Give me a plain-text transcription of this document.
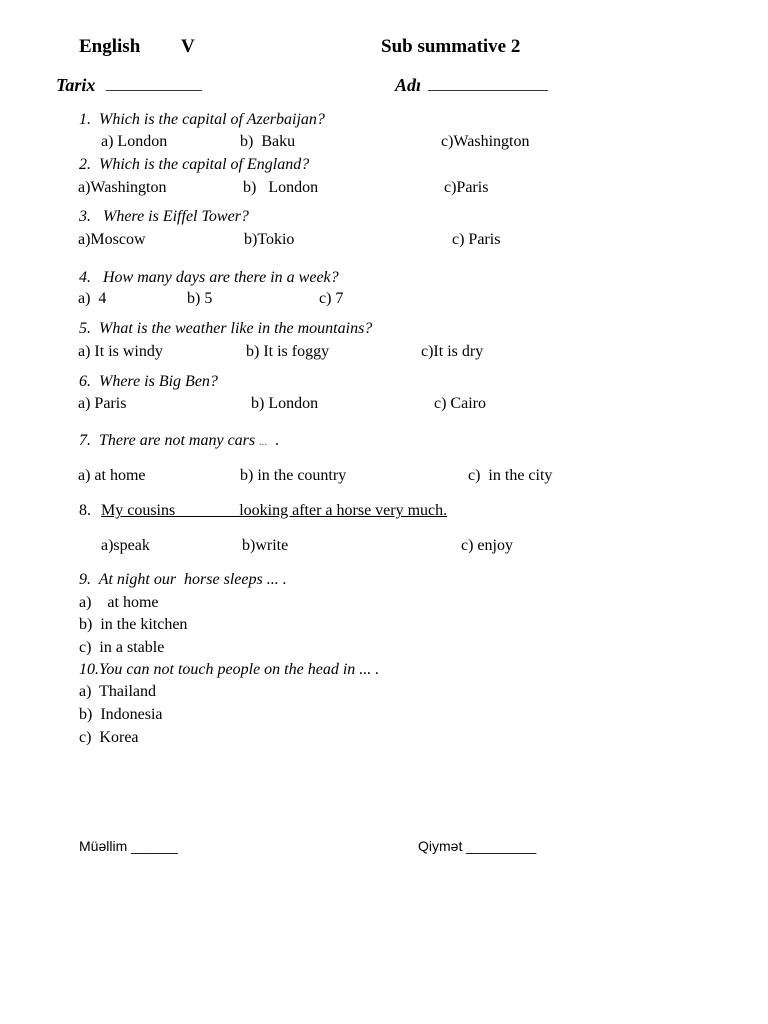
English V	Sub summative 2
Tarix ____________	Adı _______________
1.  Which is the capital of Azerbaijan?
a) London	b)  Baku	c)Washington
2.  Which is the capital of England?
a)Washington	b)   London	c)Paris
3.   Where is Eiffel Tower?
a)Moscow	b)Tokio	c) Paris
4.   How many days are there in a week?
a)  4	b) 5	c) 7
5.  What is the weather like in the mountains?
a) It is windy	b) It is foggy	c)It is dry
6.  Where is Big Ben?
a) Paris	b) London	c) Cairo
7.  There are not many cars ... .
a) at home	b) in the country	c)  in the city
8. My cousins _______ looking after a horse very much.
a)speak	b)write	c) enjoy
9.  At night our  horse sleeps ... .
a)    at home
b)  in the kitchen
c)  in a stable
10.You can not touch people on the head in ... .
a)  Thailand
b)  Indonesia
c)  Korea
Müəllim ______	Qiymət _________
